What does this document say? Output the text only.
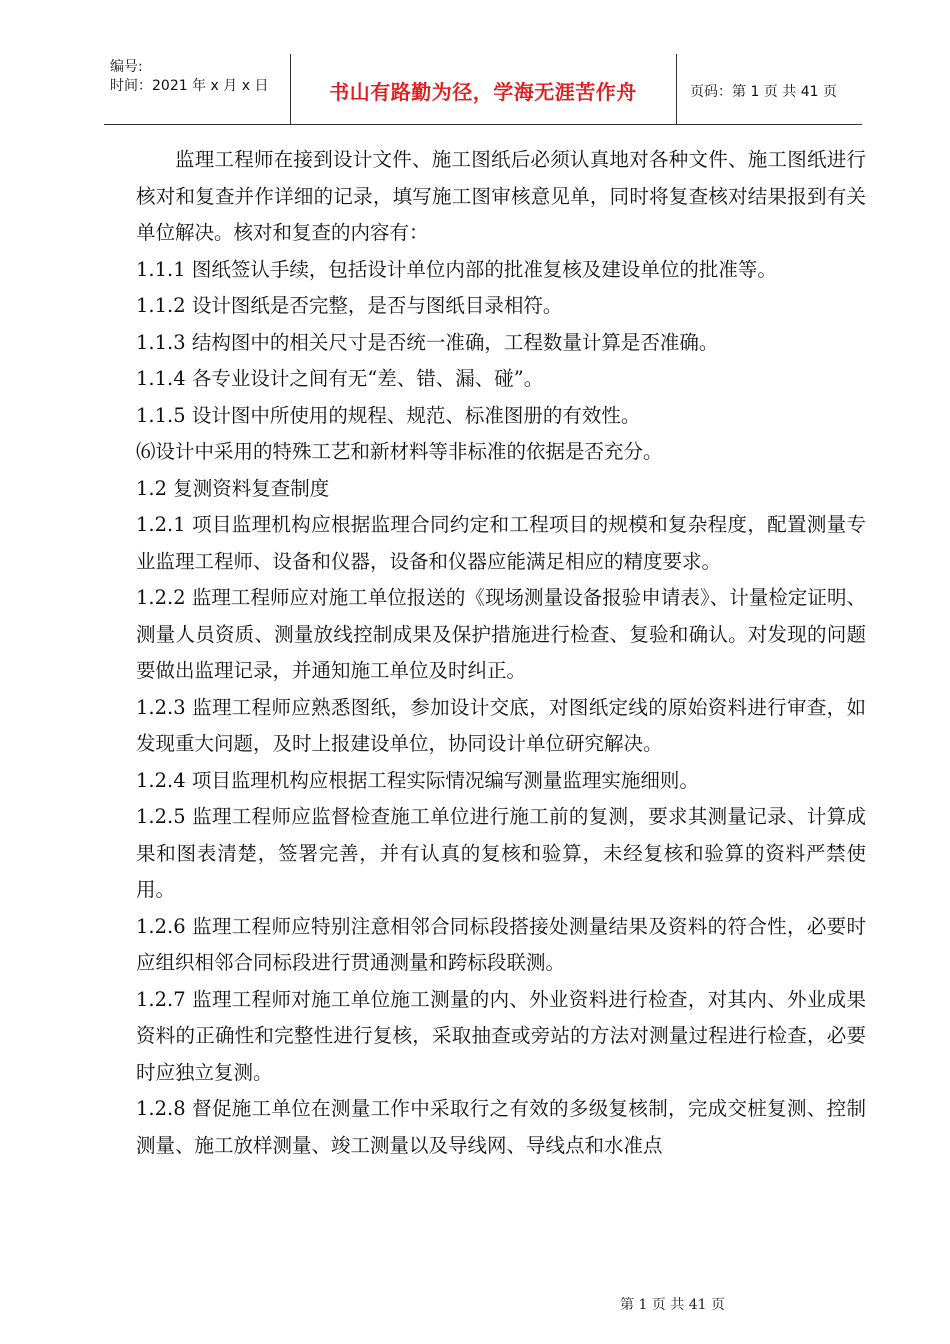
编号:
时间：2021 年 x 月 x 日	书山有路勤为径，学海无涯苦作舟	页码：第 1 页 共 41 页

监理工程师在接到设计文件、施工图纸后必须认真地对各种文件、施工图纸进行核对和复查并作详细的记录，填写施工图审核意见单，同时将复查核对结果报到有关单位解决。核对和复查的内容有：

1.1.1 图纸签认手续，包括设计单位内部的批准复核及建设单位的批准等。

1.1.2 设计图纸是否完整，是否与图纸目录相符。

1.1.3 结构图中的相关尺寸是否统一准确，工程数量计算是否准确。

1.1.4 各专业设计之间有无“差、错、漏、碰”。

1.1.5 设计图中所使用的规程、规范、标准图册的有效性。

⑹设计中采用的特殊工艺和新材料等非标准的依据是否充分。

1.2 复测资料复查制度

1.2.1 项目监理机构应根据监理合同约定和工程项目的规模和复杂程度，配置测量专业监理工程师、设备和仪器，设备和仪器应能满足相应的精度要求。

1.2.2 监理工程师应对施工单位报送的《现场测量设备报验申请表》、计量检定证明、测量人员资质、测量放线控制成果及保护措施进行检查、复验和确认。对发现的问题要做出监理记录，并通知施工单位及时纠正。

1.2.3 监理工程师应熟悉图纸，参加设计交底，对图纸定线的原始资料进行审查，如发现重大问题，及时上报建设单位，协同设计单位研究解决。

1.2.4 项目监理机构应根据工程实际情况编写测量监理实施细则。

1.2.5 监理工程师应监督检查施工单位进行施工前的复测，要求其测量记录、计算成果和图表清楚，签署完善，并有认真的复核和验算，未经复核和验算的资料严禁使用。

1.2.6 监理工程师应特别注意相邻合同标段搭接处测量结果及资料的符合性，必要时应组织相邻合同标段进行贯通测量和跨标段联测。

1.2.7 监理工程师对施工单位施工测量的内、外业资料进行检查，对其内、外业成果资料的正确性和完整性进行复核，采取抽查或旁站的方法对测量过程进行检查，必要时应独立复测。

1.2.8 督促施工单位在测量工作中采取行之有效的多级复核制，完成交桩复测、控制测量、施工放样测量、竣工测量以及导线网、导线点和水准点

第 1 页 共 41 页
